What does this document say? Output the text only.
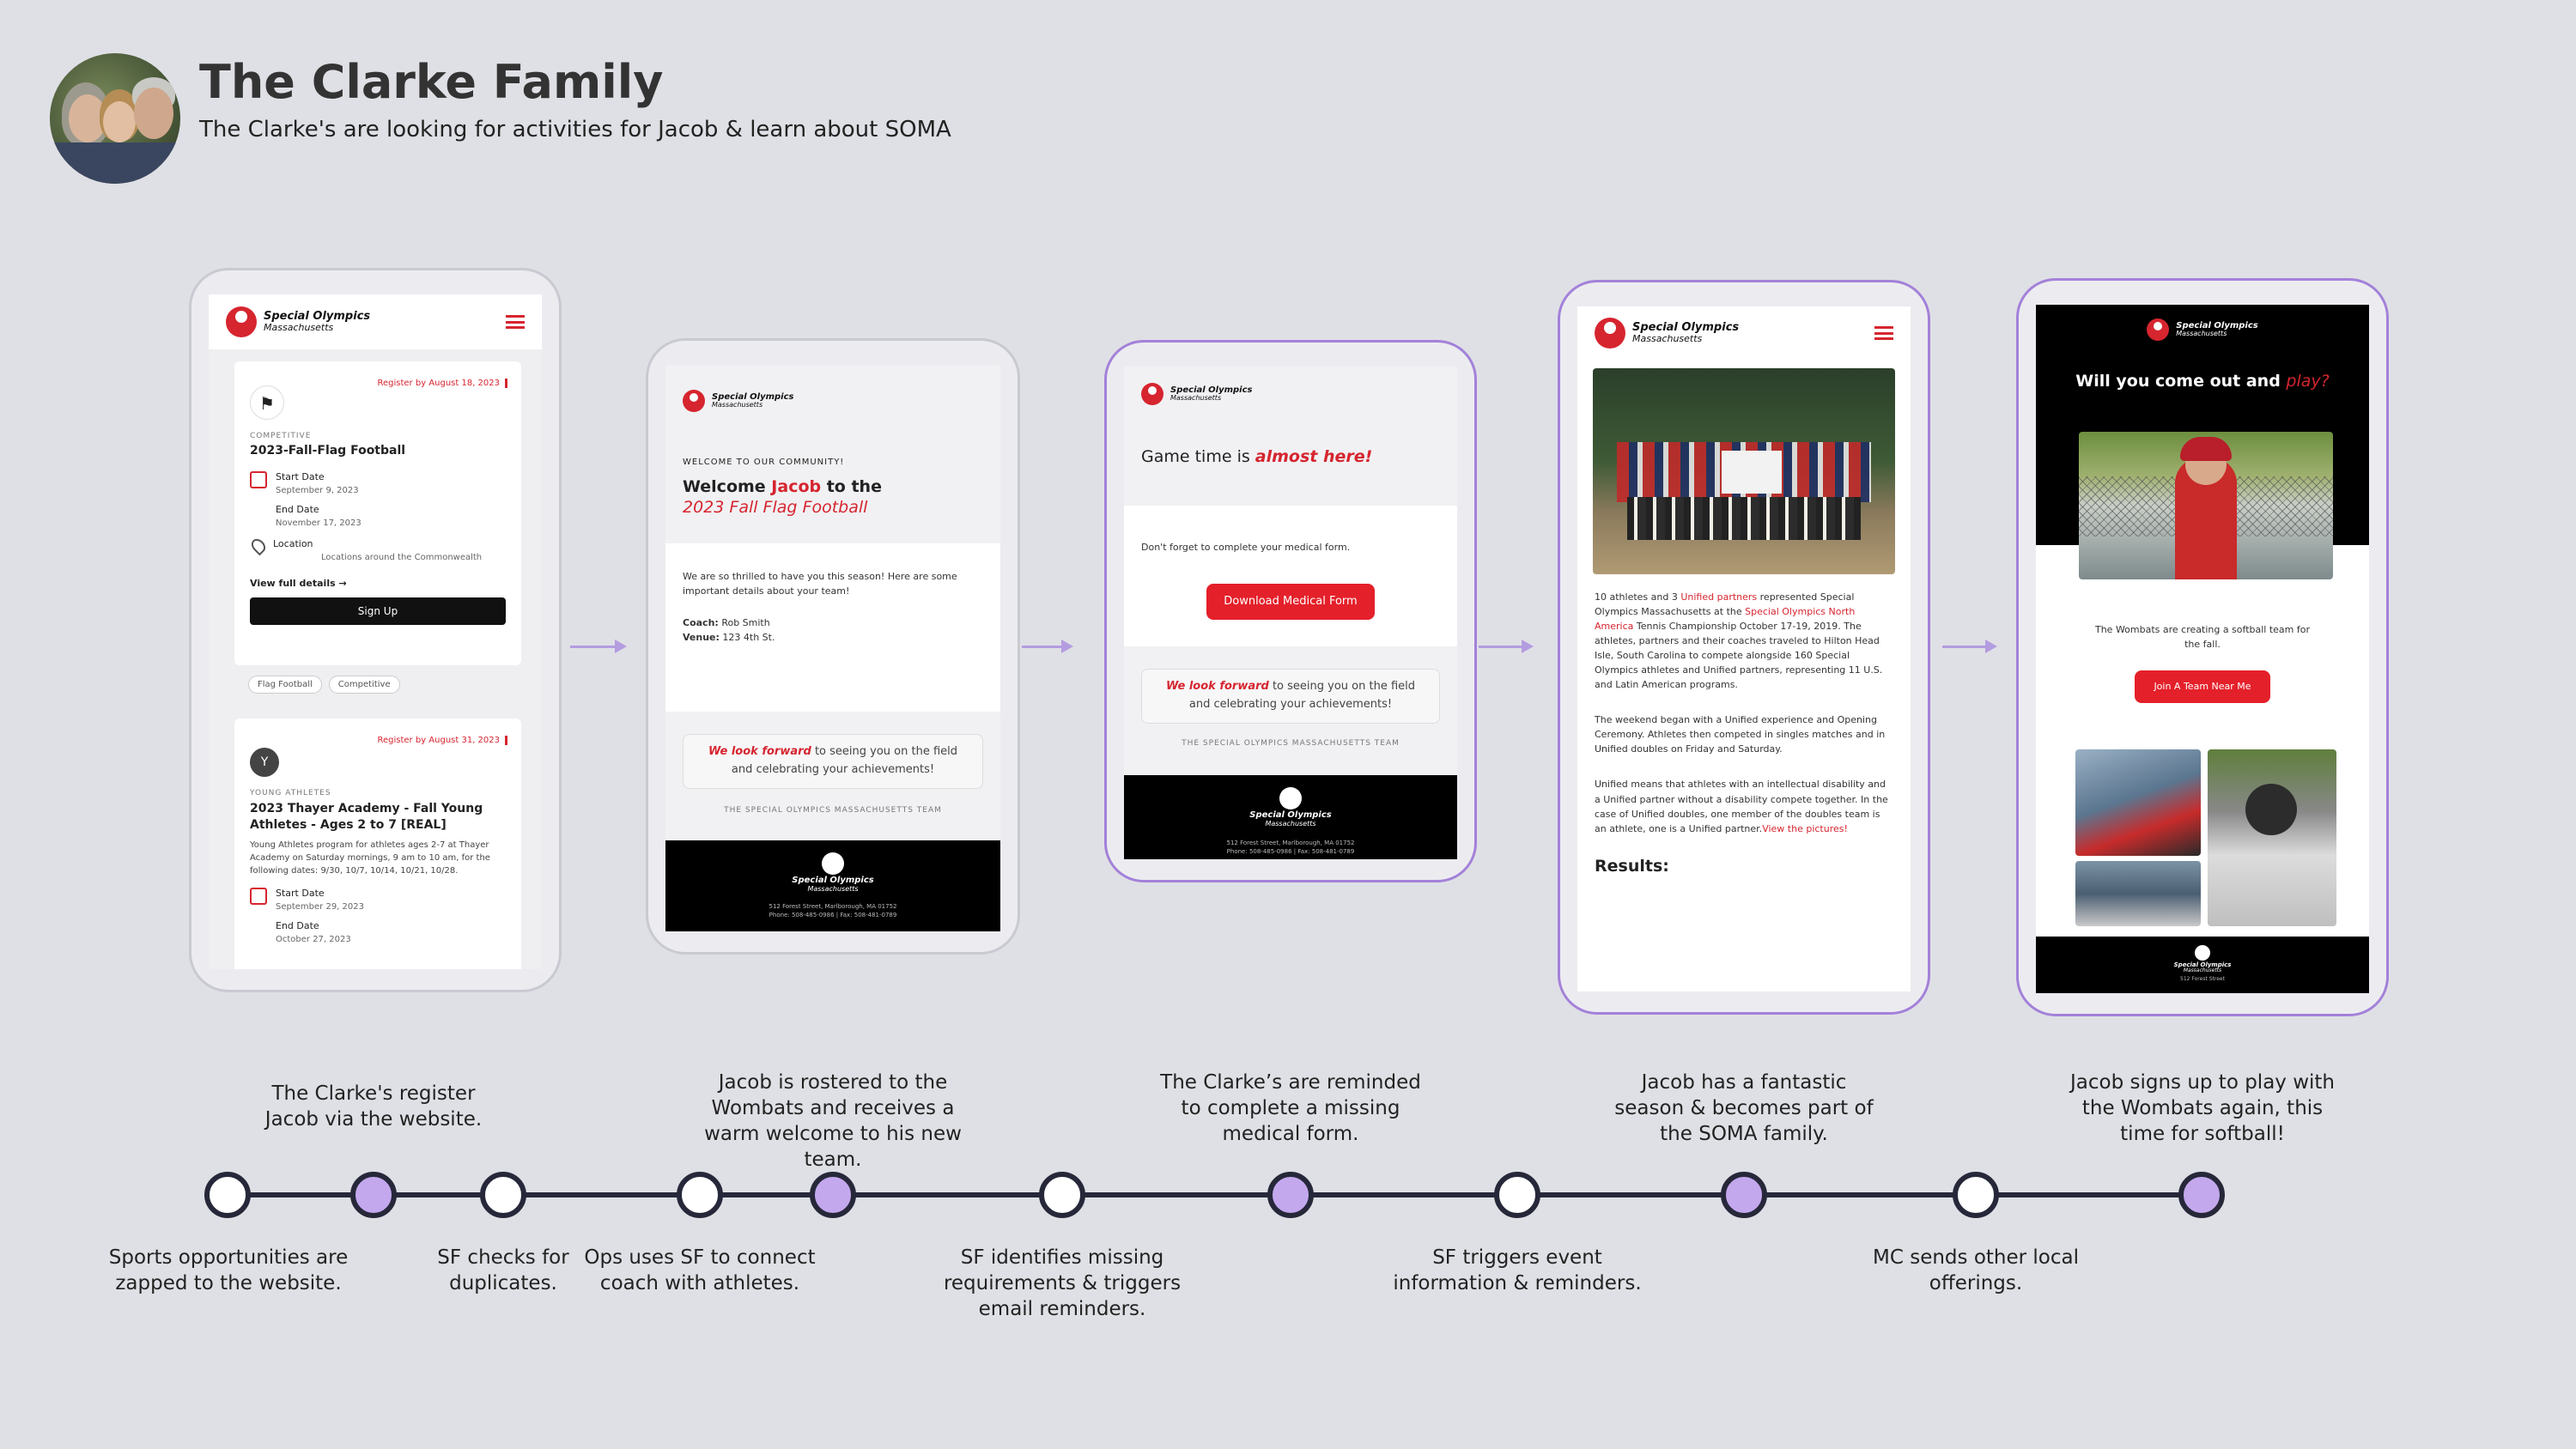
The Clarke Family
The Clarke's are looking for activities for Jacob & learn about SOMA
Special Olympics
Massachusetts
Register by August 18, 2023
⚑
COMPETITIVE
2023-Fall-Flag Football
Start Date
September 9, 2023
End Date
November 17, 2023
Location
Locations around the Commonwealth
View full details →
Sign Up
Flag Football	Competitive
Register by August 31, 2023
Y
YOUNG ATHLETES
2023 Thayer Academy - Fall Young Athletes - Ages 2 to 7 [REAL]
Young Athletes program for athletes ages 2-7 at Thayer Academy on Saturday mornings, 9 am to 10 am, for the following dates: 9/30, 10/7, 10/14, 10/21, 10/28.
Start Date
September 29, 2023
End Date
October 27, 2023
Special Olympics
Massachusetts
WELCOME TO OUR COMMUNITY!
Welcome Jacob to the
2023 Fall Flag Football
We are so thrilled to have you this season! Here are some important details about your team!
Coach: Rob Smith
Venue: 123 4th St.
We look forward to seeing you on the field and celebrating your achievements!
THE SPECIAL OLYMPICS MASSACHUSETTS TEAM
Special Olympics
Massachusetts
512 Forest Street, Marlborough, MA 01752
Phone: 508-485-0986 | Fax: 508-481-0789
Special Olympics
Massachusetts
Game time is almost here!
Don't forget to complete your medical form.
Download Medical Form
We look forward to seeing you on the field and celebrating your achievements!
THE SPECIAL OLYMPICS MASSACHUSETTS TEAM
Special Olympics
Massachusetts
512 Forest Street, Marlborough, MA 01752
Phone: 508-485-0986 | Fax: 508-481-0789
Special Olympics
Massachusetts
10 athletes and 3 Unified partners represented Special Olympics Massachusetts at the Special Olympics North America Tennis Championship October 17-19, 2019. The athletes, partners and their coaches traveled to Hilton Head Isle, South Carolina to compete alongside 160 Special Olympics athletes and Unified partners, representing 11 U.S. and Latin American programs.
The weekend began with a Unified experience and Opening Ceremony. Athletes then competed in singles matches and in Unified doubles on Friday and Saturday.
Unified means that athletes with an intellectual disability and a Unified partner without a disability compete together. In the case of Unified doubles, one member of the doubles team is an athlete, one is a Unified partner.View the pictures!
Results:
Special Olympics
Massachusetts
Will you come out and play?
The Wombats are creating a softball team for the fall.
Join A Team Near Me
Special Olympics
Massachusetts
512 Forest Street
The Clarke's register Jacob via the website.
Jacob is rostered to the Wombats and receives a warm welcome to his new team.
The Clarke’s are reminded to complete a missing medical form.
Jacob has a fantastic season & becomes part of the SOMA family.
Jacob signs up to play with the Wombats again, this time for softball!
Sports opportunities are zapped to the website.
SF checks for duplicates.
Ops uses SF to connect coach with athletes.
SF identifies missing requirements & triggers email reminders.
SF triggers event information & reminders.
MC sends other local offerings.
